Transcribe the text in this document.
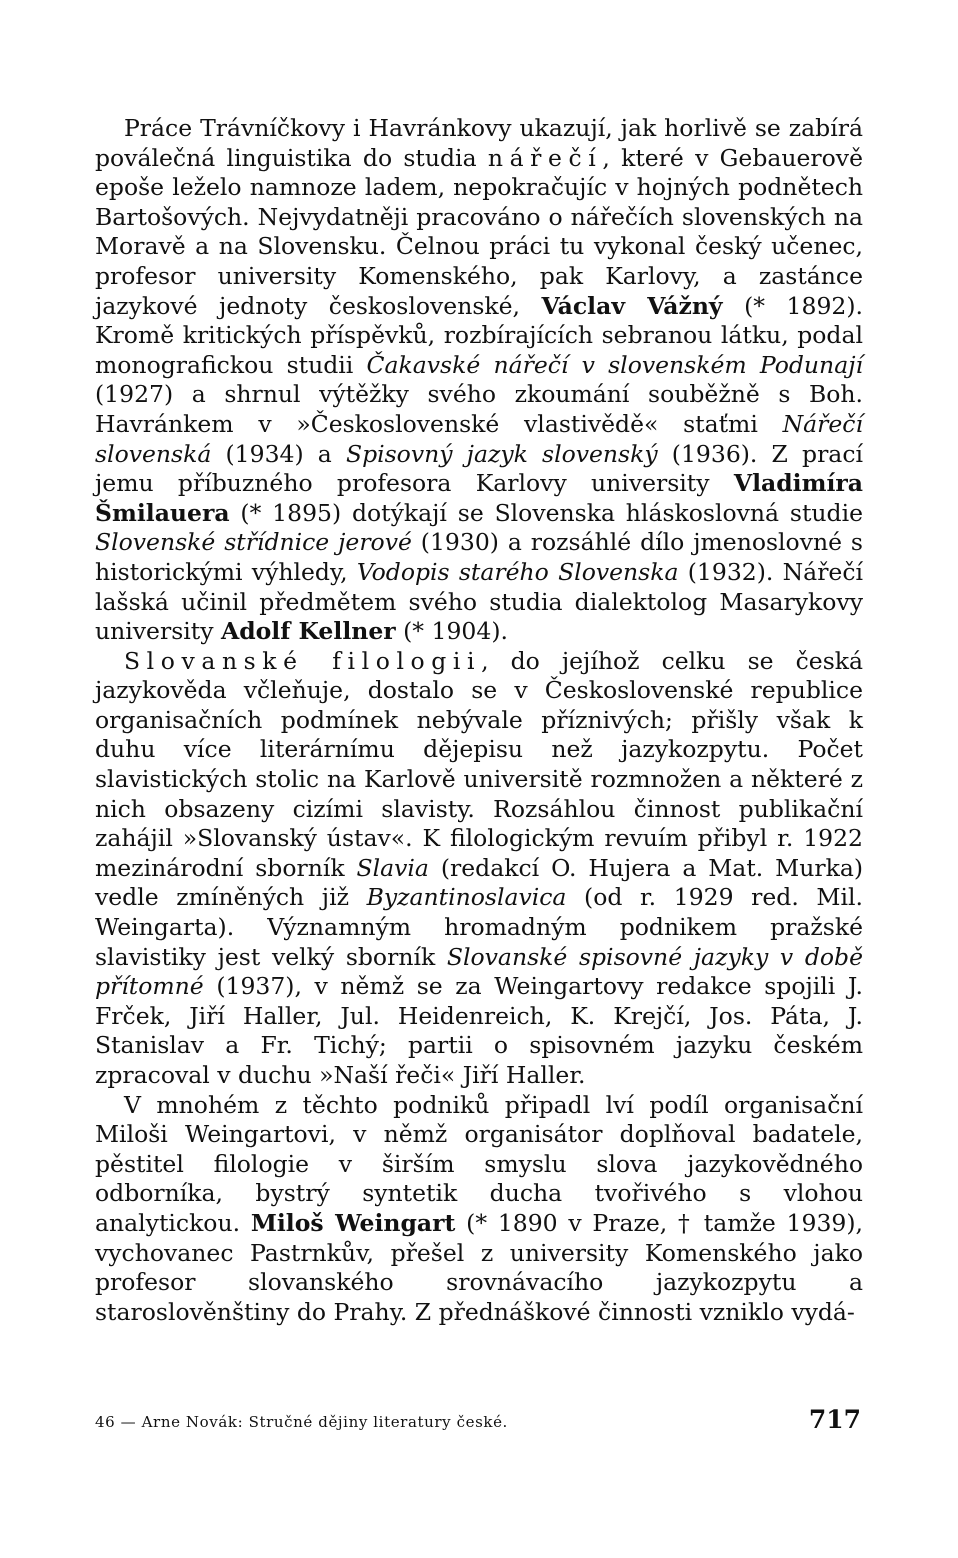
Práce Trávníčkovy i Havránkovy ukazují, jak horlivě se zabírá poválečná linguistika do studia nářečí, které v Gebauerově epoše leželo namnoze ladem, nepokračujíc v hojných podnětech Bartošových. Nejvydatněji pracováno o nářečích slovenských na Moravě a na Slovensku. Čelnou práci tu vykonal český učenec, profesor university Komenského, pak Karlovy, a zastánce jazykové jednoty československé, Václav Vážný (* 1892). Kromě kritických příspěvků, rozbírajících sebranou látku, podal monografickou studii Čakavské nářečí v slovenském Podunají (1927) a shrnul výtěžky svého zkoumání souběžně s Boh. Havránkem v »Československé vlastivědě« staťmi Nářečí slovenská (1934) a Spisovný jazyk slovenský (1936). Z prací jemu příbuzného profesora Karlovy university Vladimíra Šmilauera (* 1895) dotýkají se Slovenska hláskoslovná studie Slovenské střídnice jerové (1930) a rozsáhlé dílo jmenoslovné s historickými výhledy, Vodopis starého Slovenska (1932). Nářečí lašská učinil předmětem svého studia dialektolog Masarykovy university Adolf Kellner (* 1904).

Slovanské filologii, do jejíhož celku se česká jazykověda včleňuje, dostalo se v Československé republice organisačních podmínek nebývale příznivých; přišly však k duhu více literárnímu dějepisu než jazykozpytu. Počet slavistických stolic na Karlově universitě rozmnožen a některé z nich obsazeny cizími slavisty. Rozsáhlou činnost publikační zahájil »Slovanský ústav«. K filologickým revuím přibyl r. 1922 mezinárodní sborník Slavia (redakcí O. Hujera a Mat. Murka) vedle zmíněných již Byzantinoslavica (od r. 1929 red. Mil. Weingarta). Významným hromadným podnikem pražské slavistiky jest velký sborník Slovanské spisovné jazyky v době přítomné (1937), v němž se za Weingartovy redakce spojili J. Frček, Jiří Haller, Jul. Heidenreich, K. Krejčí, Jos. Páta, J. Stanislav a Fr. Tichý; partii o spisovném jazyku českém zpracoval v duchu »Naší řeči« Jiří Haller.

V mnohém z těchto podniků připadl lví podíl organisační Miloši Weingartovi, v němž organisátor doplňoval badatele, pěstitel filologie v širším smyslu slova jazykovědného odborníka, bystrý syntetik ducha tvořivého s vlohou analytickou. Miloš Weingart (* 1890 v Praze, † tamže 1939), vychovanec Pastrnkův, přešel z university Komenského jako profesor slovanského srovnávacího jazykozpytu a staroslověnštiny do Prahy. Z přednáškové činnosti vzniklo vydá-

46 — Arne Novák: Stručné dějiny literatury české.	717
